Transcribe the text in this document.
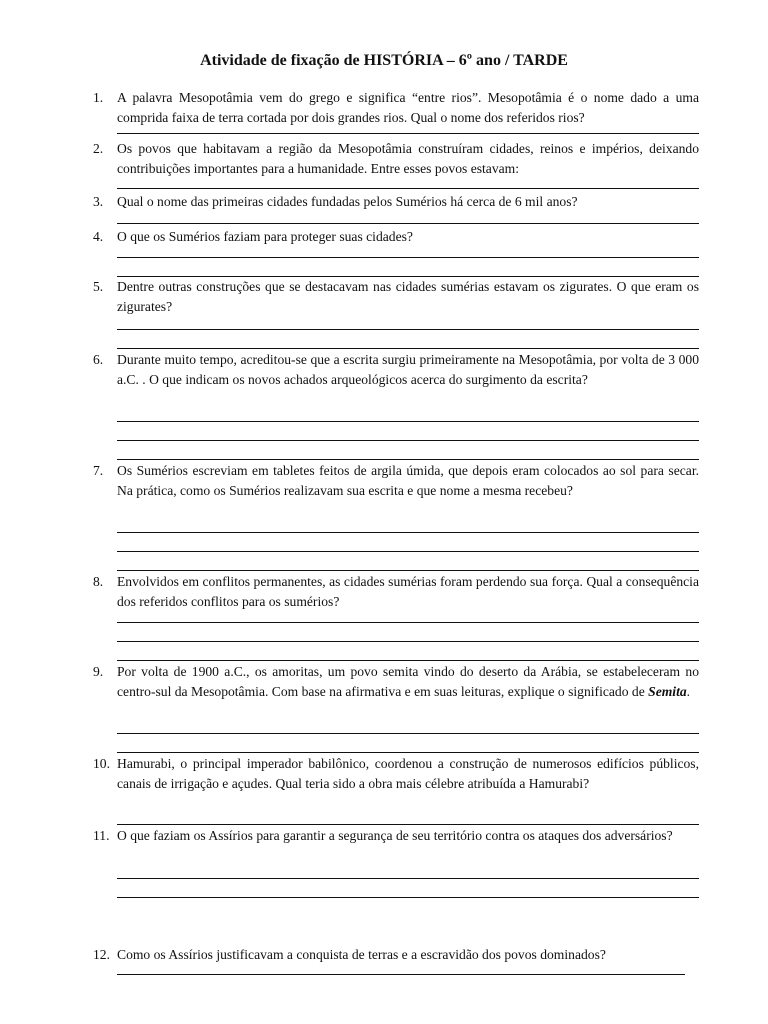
Atividade de fixação de HISTÓRIA – 6º ano / TARDE
1. A palavra Mesopotâmia vem do grego e significa “entre rios”. Mesopotâmia é o nome dado a uma comprida faixa de terra cortada por dois grandes rios. Qual o nome dos referidos rios?
2. Os povos que habitavam a região da Mesopotâmia construíram cidades, reinos e impérios, deixando contribuições importantes para a humanidade. Entre esses povos estavam:
3. Qual o nome das primeiras cidades fundadas pelos Sumérios há cerca de 6 mil anos?
4. O que os Sumérios faziam para proteger suas cidades?
5. Dentre outras construções que se destacavam nas cidades sumérias estavam os zigurates. O que eram os zigurates?
6. Durante muito tempo, acreditou-se que a escrita surgiu primeiramente na Mesopotâmia, por volta de 3 000 a.C. . O que indicam os novos achados arqueológicos acerca do surgimento da escrita?
7. Os Sumérios escreviam em tabletes feitos de argila úmida, que depois eram colocados ao sol para secar. Na prática, como os Sumérios realizavam sua escrita e que nome a mesma recebeu?
8. Envolvidos em conflitos permanentes, as cidades sumérias foram perdendo sua força. Qual a consequência dos referidos conflitos para os sumérios?
9. Por volta de 1900 a.C., os amoritas, um povo semita vindo do deserto da Arábia, se estabeleceram no centro-sul da Mesopotâmia. Com base na afirmativa e em suas leituras, explique o significado de Semita.
10. Hamurabi, o principal imperador babilônico, coordenou a construção de numerosos edifícios públicos, canais de irrigação e açudes. Qual teria sido a obra mais célebre atribuída a Hamurabi?
11. O que faziam os Assírios para garantir a segurança de seu território contra os ataques dos adversários?
12. Como os Assírios justificavam a conquista de terras e a escravidão dos povos dominados?
